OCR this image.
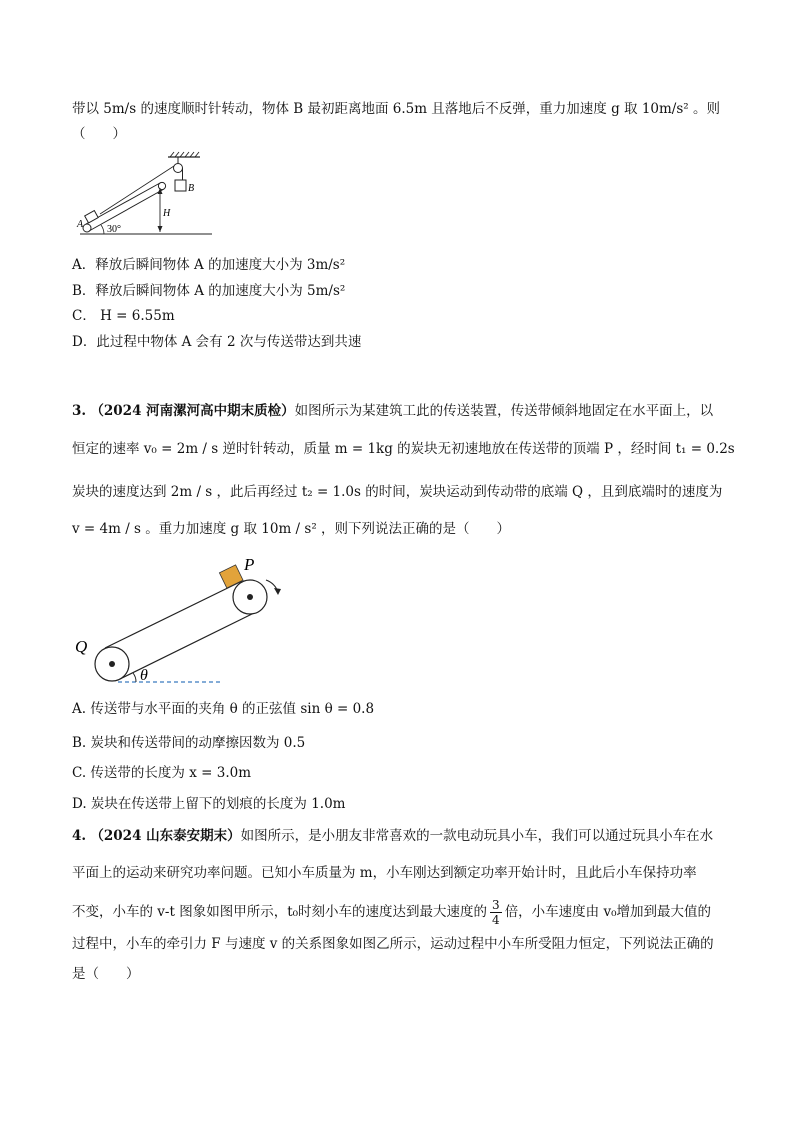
带以 5m/s 的速度顺时针转动，物体 B 最初距离地面 6.5m 且落地后不反弹，重力加速度 g 取 10m/s² 。则
（　　）
B
H
A 30°
A．释放后瞬间物体 A 的加速度大小为 3m/s²
B．释放后瞬间物体 A 的加速度大小为 5m/s²
C． H = 6.55m
D．此过程中物体 A 会有 2 次与传送带达到共速
3. （2024 河南漯河高中期末质检）如图所示为某建筑工此的传送装置，传送带倾斜地固定在水平面上，以
恒定的速率 v₀ = 2m / s 逆时针转动，质量 m = 1kg 的炭块无初速地放在传送带的顶端 P ，经时间 t₁ = 0.2s
炭块的速度达到 2m / s ，此后再经过 t₂ = 1.0s 的时间，炭块运动到传动带的底端 Q ，且到底端时的速度为
v = 4m / s 。重力加速度 g 取 10m / s² ，则下列说法正确的是（　　）
P
Q
θ
A. 传送带与水平面的夹角 θ 的正弦值 sin θ = 0.8
B. 炭块和传送带间的动摩擦因数为 0.5
C. 传送带的长度为 x = 3.0m
D. 炭块在传送带上留下的划痕的长度为 1.0m
4. （2024 山东泰安期末）如图所示，是小朋友非常喜欢的一款电动玩具小车，我们可以通过玩具小车在水
平面上的运动来研究功率问题。已知小车质量为 m，小车刚达到额定功率开始计时，且此后小车保持功率
不变，小车的 v-t 图象如图甲所示，t₀时刻小车的速度达到最大速度的 $\frac{3}{4}$ 倍，小车速度由 v₀增加到最大值的
过程中，小车的牵引力 F 与速度 v 的关系图象如图乙所示，运动过程中小车所受阻力恒定，下列说法正确的
是（　　）
